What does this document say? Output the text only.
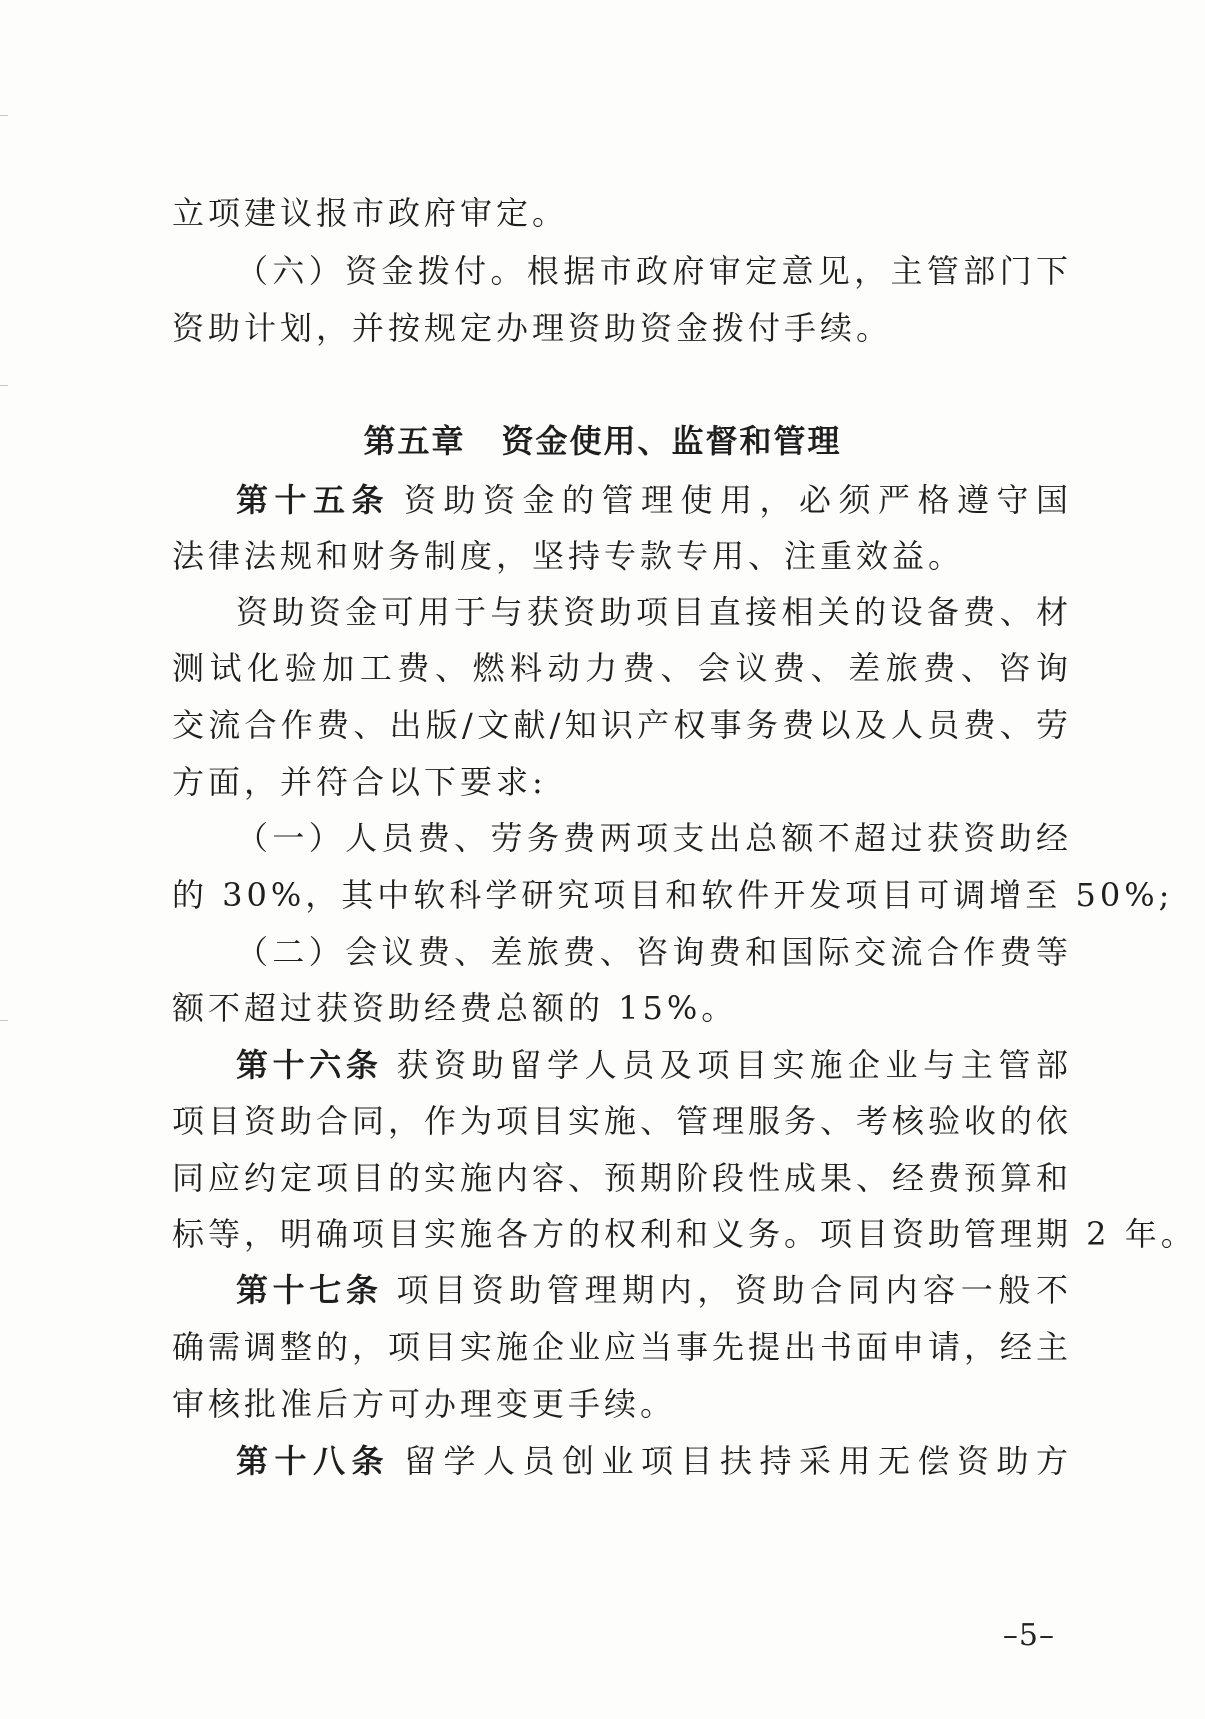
立项建议报市政府审定。
（六）资金拨付。根据市政府审定意见，主管部门下
资助计划，并按规定办理资助资金拨付手续。
第十五条 资助资金的管理使用，必须严格遵守国
法律法规和财务制度，坚持专款专用、注重效益。
资助资金可用于与获资助项目直接相关的设备费、材
测试化验加工费、燃料动力费、会议费、差旅费、咨询
交流合作费、出版/文献/知识产权事务费以及人员费、劳
方面，并符合以下要求:
（一）人员费、劳务费两项支出总额不超过获资助经
的 30%，其中软科学研究项目和软件开发项目可调增至 50%;
（二）会议费、差旅费、咨询费和国际交流合作费等
额不超过获资助经费总额的 15%。
第十六条 获资助留学人员及项目实施企业与主管部
项目资助合同，作为项目实施、管理服务、考核验收的依
同应约定项目的实施内容、预期阶段性成果、经费预算和
标等，明确项目实施各方的权利和义务。项目资助管理期 2 年。
第十七条 项目资助管理期内，资助合同内容一般不
确需调整的，项目实施企业应当事先提出书面申请，经主
审核批准后方可办理变更手续。
第十八条 留学人员创业项目扶持采用无偿资助方
第五章 资金使用、监督和管理
–5–
